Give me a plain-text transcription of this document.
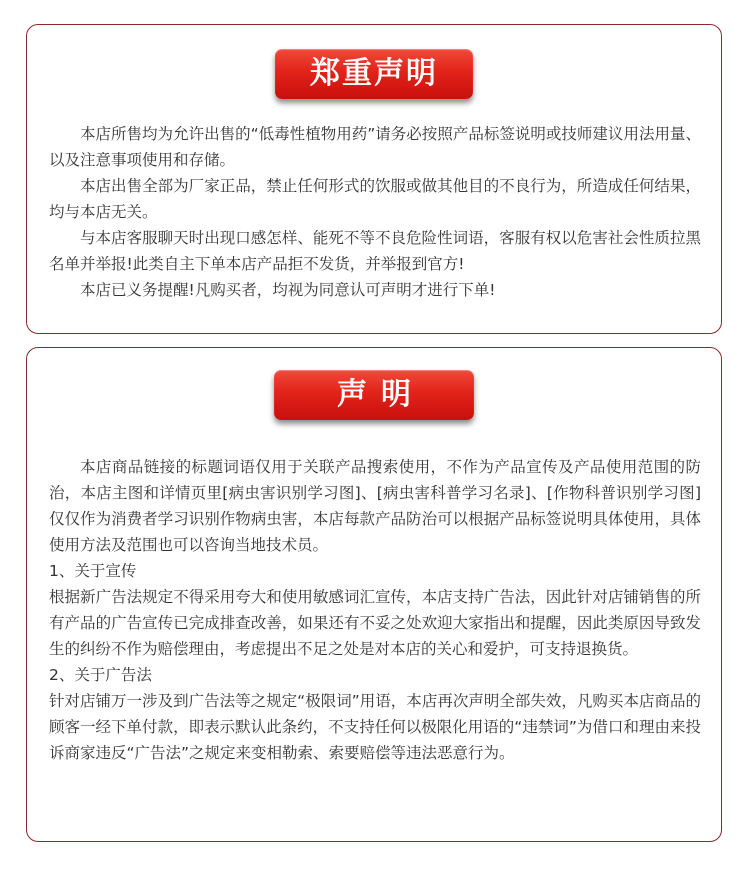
郑重声明

本店所售均为允许出售的“低毒性植物用药”请务必按照产品标签说明或技师建议用法用量、以及注意事项使用和存储。

本店出售全部为厂家正品，禁止任何形式的饮服或做其他目的不良行为，所造成任何结果，均与本店无关。

与本店客服聊天时出现口感怎样、能死不等不良危险性词语，客服有权以危害社会性质拉黑名单并举报!此类自主下单本店产品拒不发货，并举报到官方!

本店已义务提醒!凡购买者，均视为同意认可声明才进行下单!

声明

本店商品链接的标题词语仅用于关联产品搜索使用，不作为产品宣传及产品使用范围的防治，本店主图和详情页里[病虫害识别学习图]、[病虫害科普学习名录]、[作物科普识别学习图]仅仅作为消费者学习识别作物病虫害，本店每款产品防治可以根据产品标签说明具体使用，具体使用方法及范围也可以咨询当地技术员。

1、关于宣传

根据新广告法规定不得采用夸大和使用敏感词汇宣传，本店支持广告法，因此针对店铺销售的所有产品的广告宣传已完成排查改善，如果还有不妥之处欢迎大家指出和提醒，因此类原因导致发生的纠纷不作为赔偿理由，考虑提出不足之处是对本店的关心和爱护，可支持退换货。

2、关于广告法

针对店铺万一涉及到广告法等之规定“极限词”用语，本店再次声明全部失效，凡购买本店商品的顾客一经下单付款，即表示默认此条约，不支持任何以极限化用语的“违禁词”为借口和理由来投诉商家违反“广告法”之规定来变相勒索、索要赔偿等违法恶意行为。
